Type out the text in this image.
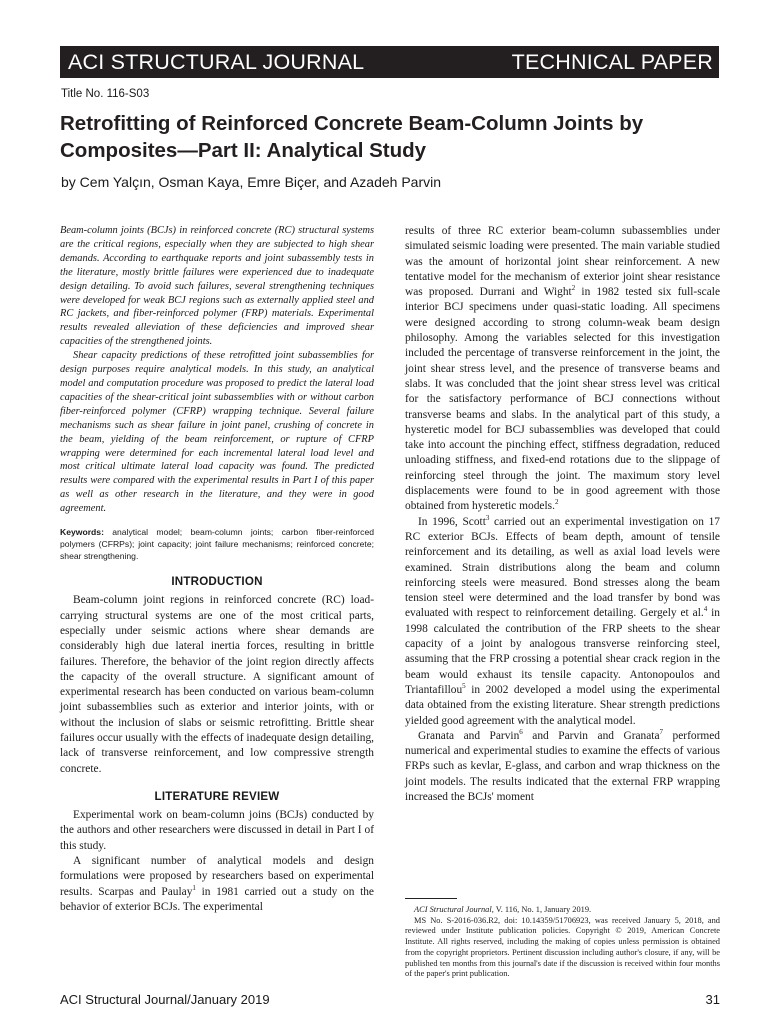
ACI STRUCTURAL JOURNAL	TECHNICAL PAPER
Title No. 116-S03
Retrofitting of Reinforced Concrete Beam-Column Joints by Composites—Part II: Analytical Study
by Cem Yalçın, Osman Kaya, Emre Biçer, and Azadeh Parvin

Beam-column joints (BCJs) in reinforced concrete (RC) structural systems are the critical regions, especially when they are subjected to high shear demands. According to earthquake reports and joint subassembly tests in the literature, mostly brittle failures were experienced due to inadequate design detailing. To avoid such failures, several strengthening techniques were developed for weak BCJ regions such as externally applied steel and RC jackets, and fiber-reinforced polymer (FRP) materials. Experimental results revealed alleviation of these deficiencies and improved shear capacities of the strengthened joints.

Shear capacity predictions of these retrofitted joint subassemblies for design purposes require analytical models. In this study, an analytical model and computation procedure was proposed to predict the lateral load capacities of the shear-critical joint subassemblies with or without carbon fiber-reinforced polymer (CFRP) wrapping technique. Several failure mechanisms such as shear failure in joint panel, crushing of concrete in the beam, yielding of the beam reinforcement, or rupture of CFRP wrapping were determined for each incremental lateral load level and most critical ultimate lateral load capacity was found. The predicted results were compared with the experimental results in Part I of this paper as well as other research in the literature, and they were in good agreement.

Keywords: analytical model; beam-column joints; carbon fiber-reinforced polymers (CFRPs); joint capacity; joint failure mechanisms; reinforced concrete; shear strengthening.

INTRODUCTION

Beam-column joint regions in reinforced concrete (RC) load-carrying structural systems are one of the most critical parts, especially under seismic actions where shear demands are considerably high due lateral inertia forces, resulting in brittle failures. Therefore, the behavior of the joint region directly affects the capacity of the overall structure. A significant amount of experimental research has been conducted on various beam-column joint subassemblies such as exterior and interior joints, with or without the inclusion of slabs or seismic retrofitting. Brittle shear failures occur usually with the effects of inadequate design detailing, lack of transverse reinforcement, and low compressive strength concrete.

LITERATURE REVIEW

Experimental work on beam-column joins (BCJs) conducted by the authors and other researchers were discussed in detail in Part I of this study.

A significant number of analytical models and design formulations were proposed by researchers based on experimental results. Scarpas and Paulay$^1$ in 1981 carried out a study on the behavior of exterior BCJs. The experimental

results of three RC exterior beam-column subassemblies under simulated seismic loading were presented. The main variable studied was the amount of horizontal joint shear reinforcement. A new tentative model for the mechanism of exterior joint shear resistance was proposed. Durrani and Wight$^2$ in 1982 tested six full-scale interior BCJ specimens under quasi-static loading. All specimens were designed according to strong column-weak beam design philosophy. Among the variables selected for this investigation included the percentage of transverse reinforcement in the joint, the joint shear stress level, and the presence of transverse beams and slabs. It was concluded that the joint shear stress level was critical for the satisfactory performance of BCJ connections without transverse beams and slabs. In the analytical part of this study, a hysteretic model for BCJ subassemblies was developed that could take into account the pinching effect, stiffness degradation, reduced unloading stiffness, and fixed-end rotations due to the slippage of reinforcing steel through the joint. The maximum story level displacements were found to be in good agreement with those obtained from hysteretic models.$^2$

In 1996, Scott$^3$ carried out an experimental investigation on 17 RC exterior BCJs. Effects of beam depth, amount of tensile reinforcement and its detailing, as well as axial load levels were examined. Strain distributions along the beam and column reinforcing steels were measured. Bond stresses along the beam tension steel were determined and the load transfer by bond was evaluated with respect to reinforcement detailing. Gergely et al.$^4$ in 1998 calculated the contribution of the FRP sheets to the shear capacity of a joint by analogous transverse reinforcing steel, assuming that the FRP crossing a potential shear crack region in the beam would exhaust its tensile capacity. Antonopoulos and Triantafillou$^5$ in 2002 developed a model using the experimental data obtained from the existing literature. Shear strength predictions yielded good agreement with the analytical model.

Granata and Parvin$^6$ and Parvin and Granata$^7$ performed numerical and experimental studies to examine the effects of various FRPs such as kevlar, E-glass, and carbon and wrap thickness on the joint models. The results indicated that the external FRP wrapping increased the BCJs' moment

ACI Structural Journal, V. 116, No. 1, January 2019.

MS No. S-2016-036.R2, doi: 10.14359/51706923, was received January 5, 2018, and reviewed under Institute publication policies. Copyright © 2019, American Concrete Institute. All rights reserved, including the making of copies unless permission is obtained from the copyright proprietors. Pertinent discussion including author's closure, if any, will be published ten months from this journal's date if the discussion is received within four months of the paper's print publication.

ACI Structural Journal/January 2019	31
